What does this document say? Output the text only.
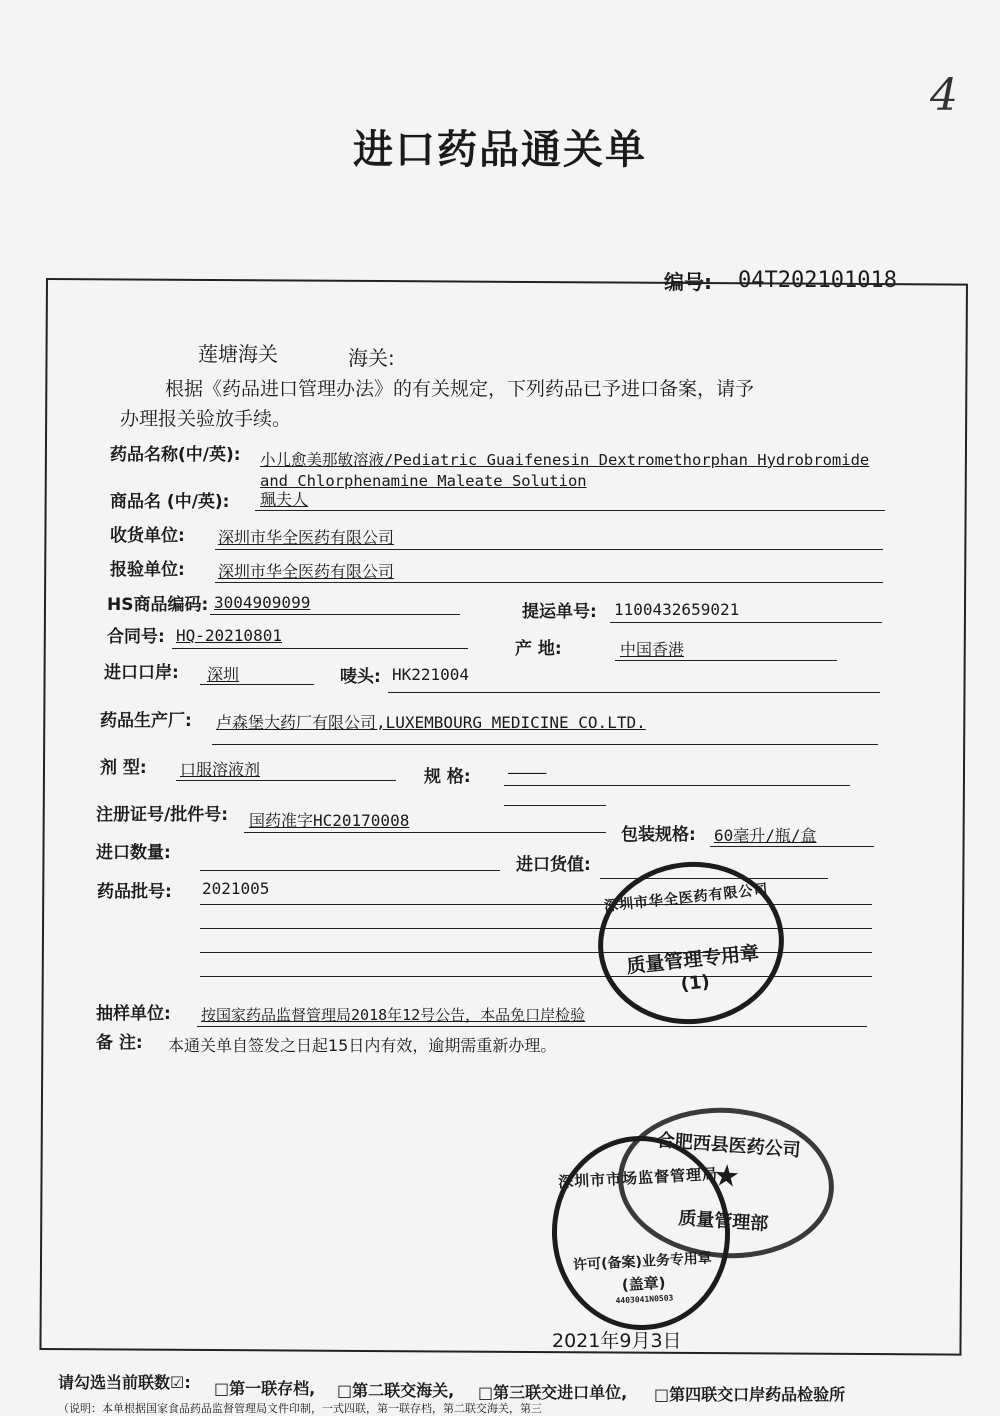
4
进口药品通关单
编号: 04T202101018
莲塘海关	海关:
根据《药品进口管理办法》的有关规定，下列药品已予进口备案，请予
办理报关验放手续。
药品名称(中/英): 小儿愈美那敏溶液/Pediatric Guaifenesin Dextromethorphan Hydrobromide
and Chlorphenamine Maleate Solution
商品名 (中/英): 珮夫人
收货单位: 深圳市华全医药有限公司
报验单位: 深圳市华全医药有限公司
HS商品编码: 3004909099	提运单号: 1100432659021
合同号: HQ-20210801
产 地:	中国香港
进口口岸: 深圳	唛头: HK221004
药品生产厂: 卢森堡大药厂有限公司,LUXEMBOURG MEDICINE CO.LTD.
剂 型: 口服溶液剂	规 格: ————
注册证号/批件号: 国药准字HC20170008
包装规格: 60毫升/瓶/盒
进口数量:
进口货值:
药品批号: 2021005
抽样单位: 按国家药品监督管理局2018年12号公告，本品免口岸检验
备 注: 本通关单自签发之日起15日内有效，逾期需重新办理。
深圳市华全医药有限公司
质量管理专用章
(1)
合肥西县医药公司
★
质量管理部
深圳市市场监督管理局
许可(备案)业务专用章
(盖章)
4403041N0503
2021年9月3日
请勾选当前联数☑: □第一联存档, □第二联交海关, □第三联交进口单位, □第四联交口岸药品检验所
（说明：本单根据国家食品药品监督管理局文件印制，一式四联，第一联存档，第二联交海关，第三
